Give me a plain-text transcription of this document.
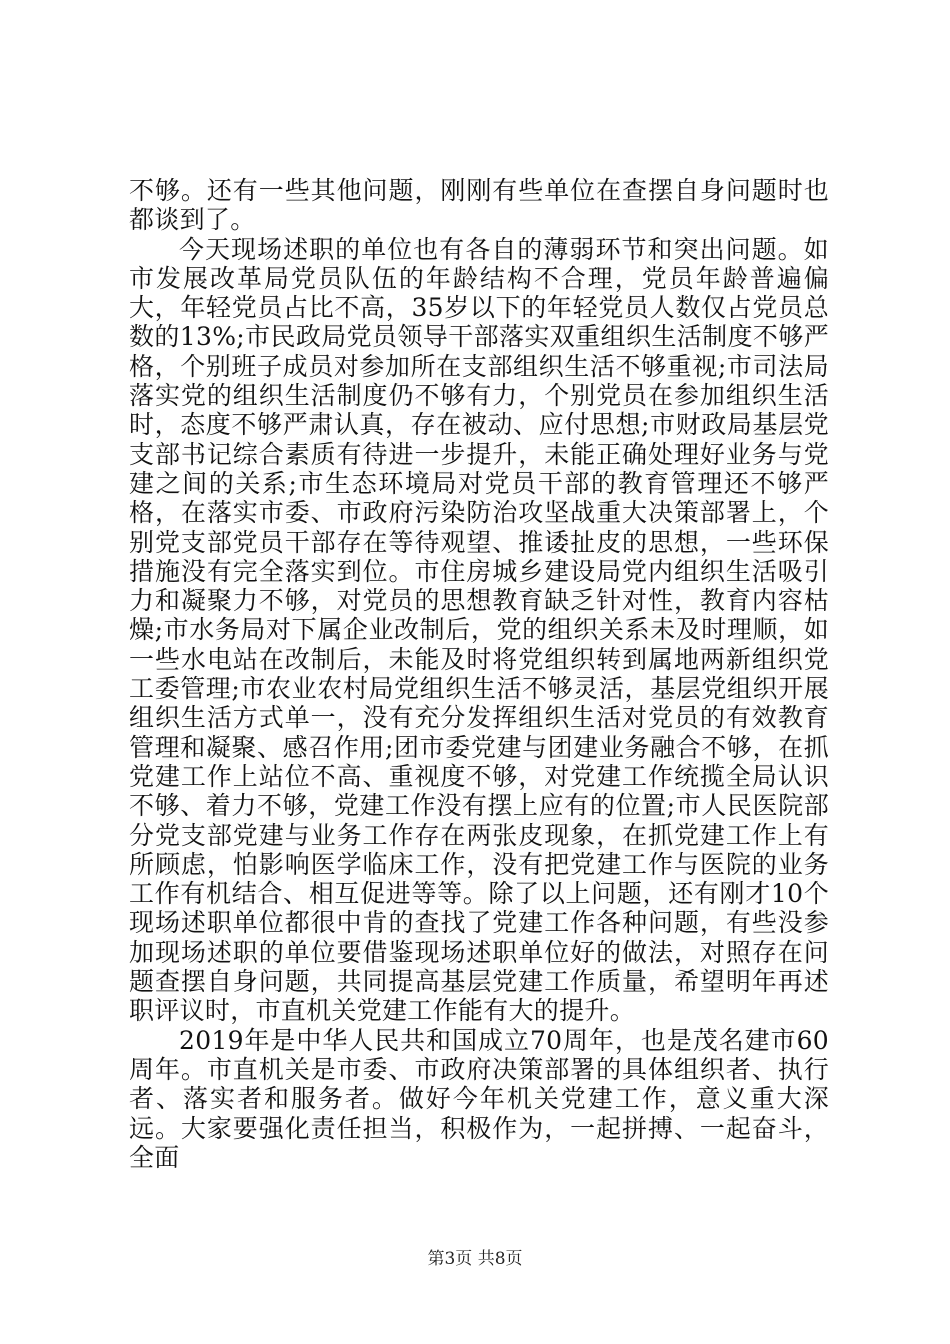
不够。还有一些其他问题，刚刚有些单位在查摆自身问题时也都谈到了。

今天现场述职的单位也有各自的薄弱环节和突出问题。如市发展改革局党员队伍的年龄结构不合理，党员年龄普遍偏大，年轻党员占比不高，35岁以下的年轻党员人数仅占党员总数的13%;市民政局党员领导干部落实双重组织生活制度不够严格，个别班子成员对参加所在支部组织生活不够重视;市司法局落实党的组织生活制度仍不够有力，个别党员在参加组织生活时，态度不够严肃认真，存在被动、应付思想;市财政局基层党支部书记综合素质有待进一步提升，未能正确处理好业务与党建之间的关系;市生态环境局对党员干部的教育管理还不够严格，在落实市委、市政府污染防治攻坚战重大决策部署上，个别党支部党员干部存在等待观望、推诿扯皮的思想，一些环保措施没有完全落实到位。市住房城乡建设局党内组织生活吸引力和凝聚力不够，对党员的思想教育缺乏针对性，教育内容枯燥;市水务局对下属企业改制后，党的组织关系未及时理顺，如一些水电站在改制后，未能及时将党组织转到属地两新组织党工委管理;市农业农村局党组织生活不够灵活，基层党组织开展组织生活方式单一，没有充分发挥组织生活对党员的有效教育管理和凝聚、感召作用;团市委党建与团建业务融合不够，在抓党建工作上站位不高、重视度不够，对党建工作统揽全局认识不够、着力不够，党建工作没有摆上应有的位置;市人民医院部分党支部党建与业务工作存在两张皮现象，在抓党建工作上有所顾虑，怕影响医学临床工作，没有把党建工作与医院的业务工作有机结合、相互促进等等。除了以上问题，还有刚才10个现场述职单位都很中肯的查找了党建工作各种问题，有些没参加现场述职的单位要借鉴现场述职单位好的做法，对照存在问题查摆自身问题，共同提高基层党建工作质量，希望明年再述职评议时，市直机关党建工作能有大的提升。

2019年是中华人民共和国成立70周年，也是茂名建市60周年。市直机关是市委、市政府决策部署的具体组织者、执行者、落实者和服务者。做好今年机关党建工作，意义重大深远。大家要强化责任担当，积极作为，一起拼搏、一起奋斗，全面

第3页 共8页
